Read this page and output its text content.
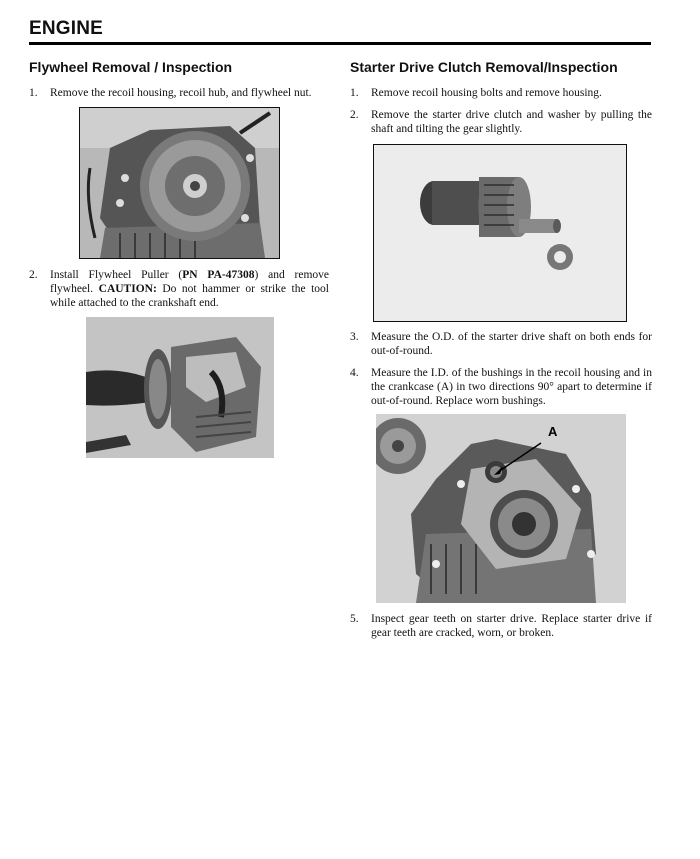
ENGINE
Flywheel Removal / Inspection
1. Remove the recoil housing, recoil hub, and flywheel nut.
2. Install Flywheel Puller (PN PA-47308) and remove flywheel. CAUTION: Do not hammer or strike the tool while attached to the crankshaft end.
Starter Drive Clutch Removal/Inspection
1. Remove recoil housing bolts and remove housing.
2. Remove the starter drive clutch and washer by pulling the shaft and tilting the gear slightly.
3. Measure the O.D. of the starter drive shaft on both ends for out-of-round.
4. Measure the I.D. of the bushings in the recoil housing and in the crankcase (A) in two directions 90° apart to determine if out-of-round. Replace worn bushings.
A
5. Inspect gear teeth on starter drive. Replace starter drive if gear teeth are cracked, worn, or broken.
